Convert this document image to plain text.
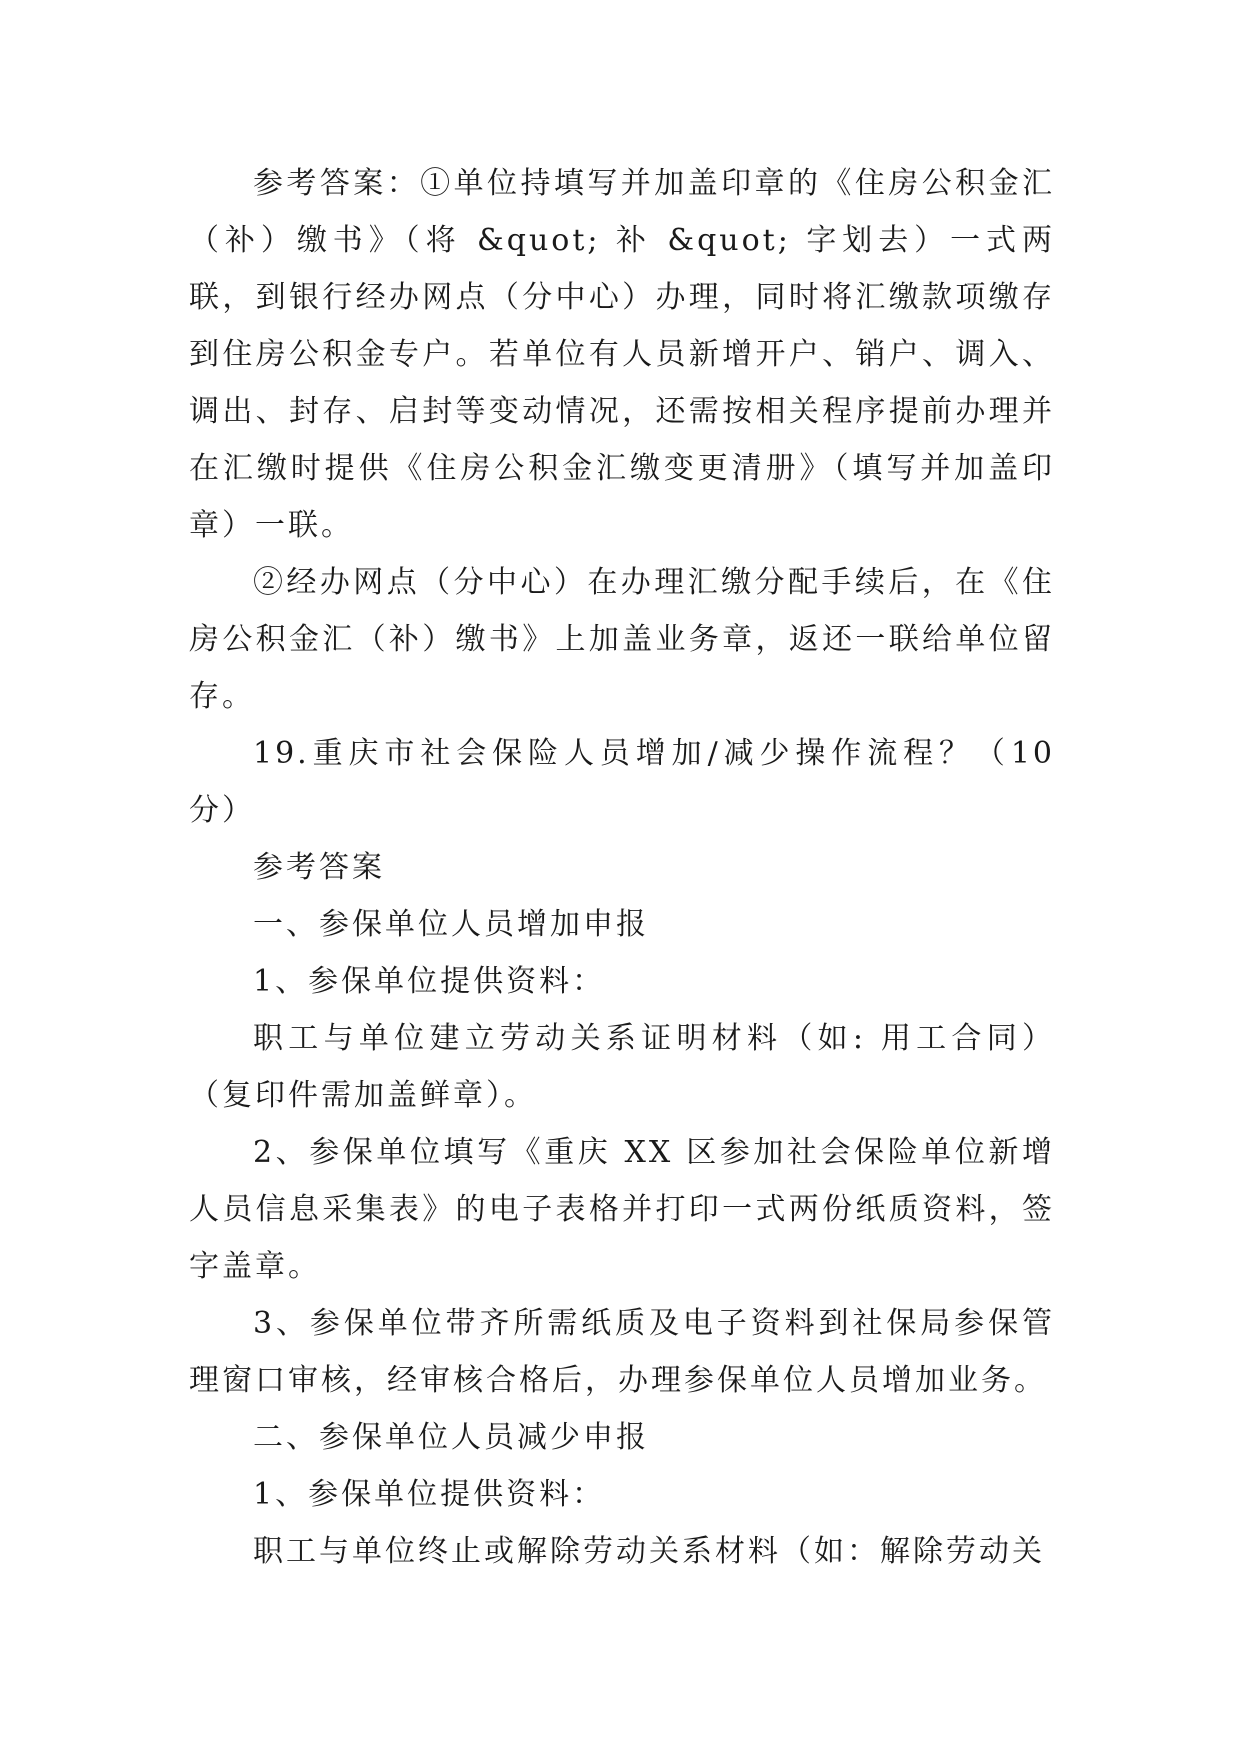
参考答案：①单位持填写并加盖印章的《住房公积金汇（补）缴书》（将 &quot; 补 &quot; 字划去）一式两联，到银行经办网点（分中心）办理，同时将汇缴款项缴存到住房公积金专户。若单位有人员新增开户、销户、调入、调出、封存、启封等变动情况，还需按相关程序提前办理并在汇缴时提供《住房公积金汇缴变更清册》（填写并加盖印章）一联。

②经办网点（分中心）在办理汇缴分配手续后，在《住房公积金汇（补）缴书》上加盖业务章，返还一联给单位留存。

19.重庆市社会保险人员增加/减少操作流程？（10 分）

参考答案

一、参保单位人员增加申报

1、参保单位提供资料：

职工与单位建立劳动关系证明材料（如: 用工合同）（复印件需加盖鲜章）。

2、参保单位填写《重庆 XX 区参加社会保险单位新增人员信息采集表》的电子表格并打印一式两份纸质资料，签字盖章。

3、参保单位带齐所需纸质及电子资料到社保局参保管理窗口审核，经审核合格后，办理参保单位人员增加业务。

二、参保单位人员减少申报

1、参保单位提供资料：

职工与单位终止或解除劳动关系材料（如：解除劳动关
